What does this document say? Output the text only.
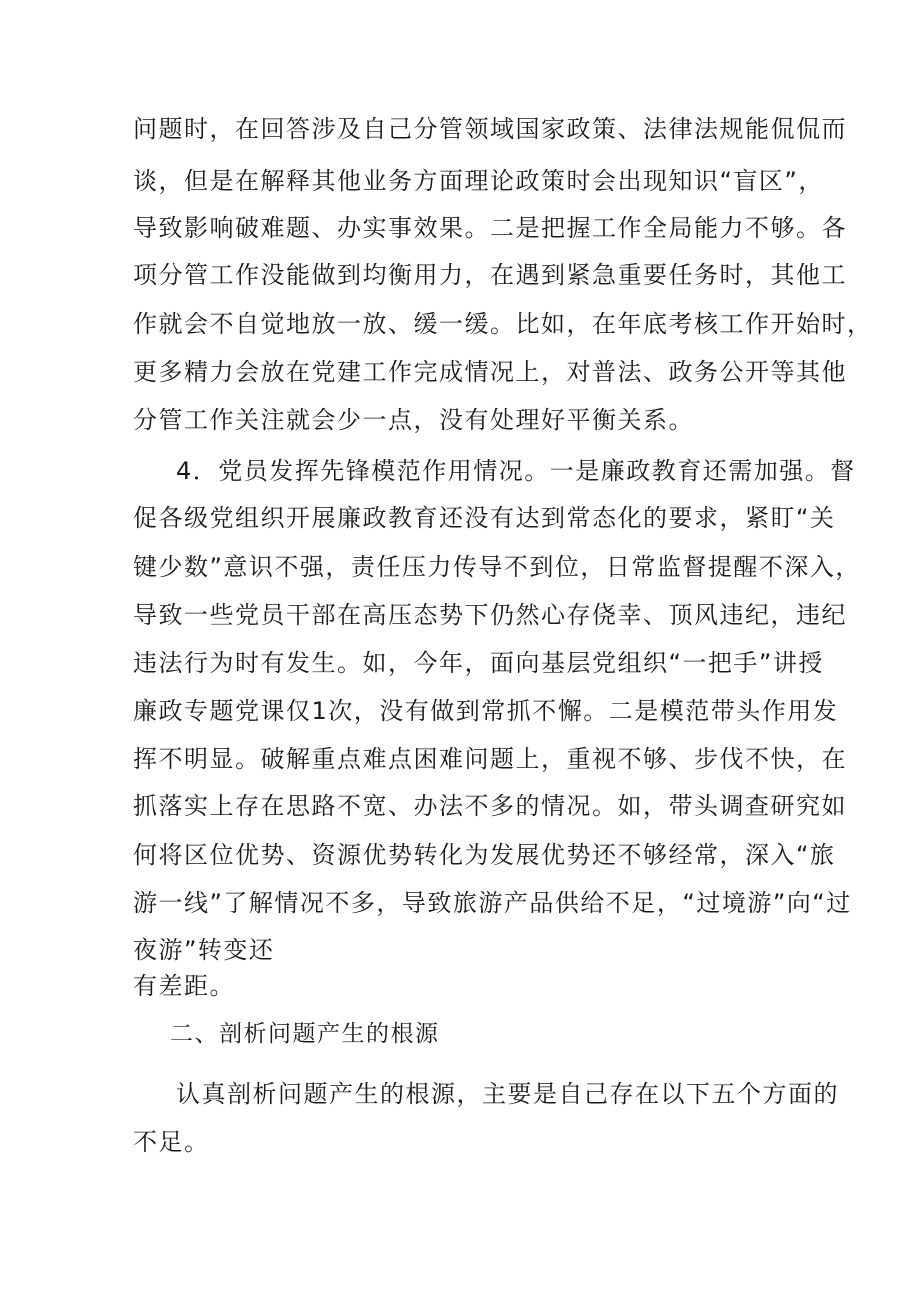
问题时，在回答涉及自己分管领域国家政策、法律法规能侃侃而
谈，但是在解释其他业务方面理论政策时会出现知识“盲区”，
导致影响破难题、办实事效果。二是把握工作全局能力不够。各
项分管工作没能做到均衡用力，在遇到紧急重要任务时，其他工
作就会不自觉地放一放、缓一缓。比如，在年底考核工作开始时，
更多精力会放在党建工作完成情况上，对普法、政务公开等其他
分管工作关注就会少一点，没有处理好平衡关系。
4．党员发挥先锋模范作用情况。一是廉政教育还需加强。督
促各级党组织开展廉政教育还没有达到常态化的要求，紧盯“关
键少数”意识不强，责任压力传导不到位，日常监督提醒不深入，
导致一些党员干部在高压态势下仍然心存侥幸、顶风违纪，违纪
违法行为时有发生。如，今年，面向基层党组织“一把手”讲授
廉政专题党课仅1次，没有做到常抓不懈。二是模范带头作用发
挥不明显。破解重点难点困难问题上，重视不够、步伐不快，在
抓落实上存在思路不宽、办法不多的情况。如，带头调查研究如
何将区位优势、资源优势转化为发展优势还不够经常，深入“旅
游一线”了解情况不多，导致旅游产品供给不足，“过境游”向“过
夜游”转变还
有差距。
二、剖析问题产生的根源
认真剖析问题产生的根源，主要是自己存在以下五个方面的
不足。
